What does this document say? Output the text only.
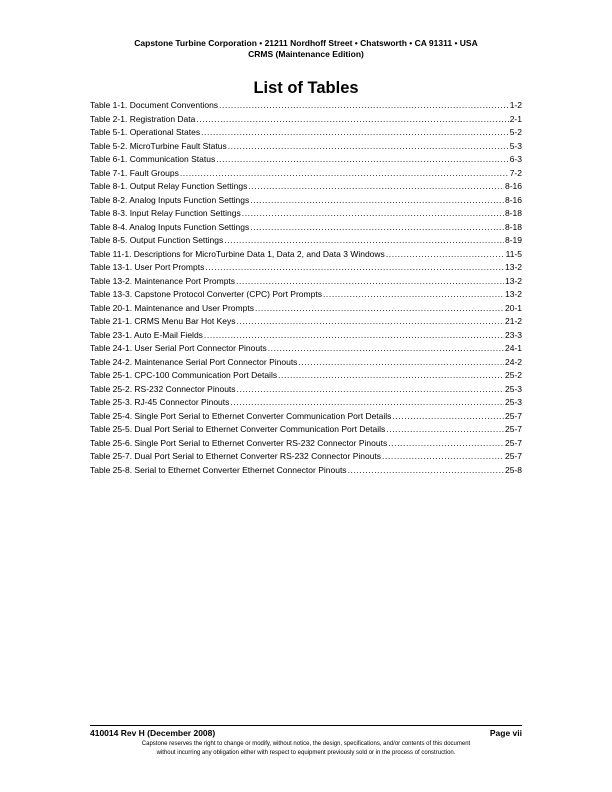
Capstone Turbine Corporation • 21211 Nordhoff Street • Chatsworth • CA 91311 • USA
CRMS (Maintenance Edition)
List of Tables
Table 1-1. Document Conventions .....	1-2
Table 2-1. Registration Data .....	2-1
Table 5-1. Operational States .....	5-2
Table 5-2. MicroTurbine Fault Status .....	5-3
Table 6-1. Communication Status .....	6-3
Table 7-1. Fault Groups .....	7-2
Table 8-1. Output Relay Function Settings .....	8-16
Table 8-2. Analog Inputs Function Settings .....	8-16
Table 8-3. Input Relay Function Settings .....	8-18
Table 8-4. Analog Inputs Function Settings .....	8-18
Table 8-5. Output Function Settings .....	8-19
Table 11-1. Descriptions for MicroTurbine Data 1, Data 2, and Data 3 Windows .....	11-5
Table 13-1. User Port Prompts .....	13-2
Table 13-2. Maintenance Port Prompts .....	13-2
Table 13-3. Capstone Protocol Converter (CPC) Port Prompts .....	13-2
Table 20-1. Maintenance and User Prompts .....	20-1
Table 21-1. CRMS Menu Bar Hot Keys .....	21-2
Table 23-1. Auto E-Mail Fields .....	23-3
Table 24-1. User Serial Port Connector Pinouts .....	24-1
Table 24-2. Maintenance Serial Port Connector Pinouts .....	24-2
Table 25-1. CPC-100 Communication Port Details .....	25-2
Table 25-2. RS-232 Connector Pinouts .....	25-3
Table 25-3. RJ-45 Connector Pinouts .....	25-3
Table 25-4. Single Port Serial to Ethernet Converter Communication Port Details .....	25-7
Table 25-5. Dual Port Serial to Ethernet Converter Communication Port Details .....	25-7
Table 25-6. Single Port Serial to Ethernet Converter RS-232 Connector Pinouts .....	25-7
Table 25-7. Dual Port Serial to Ethernet Converter RS-232 Connector Pinouts .....	25-7
Table 25-8. Serial to Ethernet Converter Ethernet Connector Pinouts .....	25-8
410014 Rev H (December 2008)	Page vii
Capstone reserves the right to change or modify, without notice, the design, specifications, and/or contents of this document
without incurring any obligation either with respect to equipment previously sold or in the process of construction.
